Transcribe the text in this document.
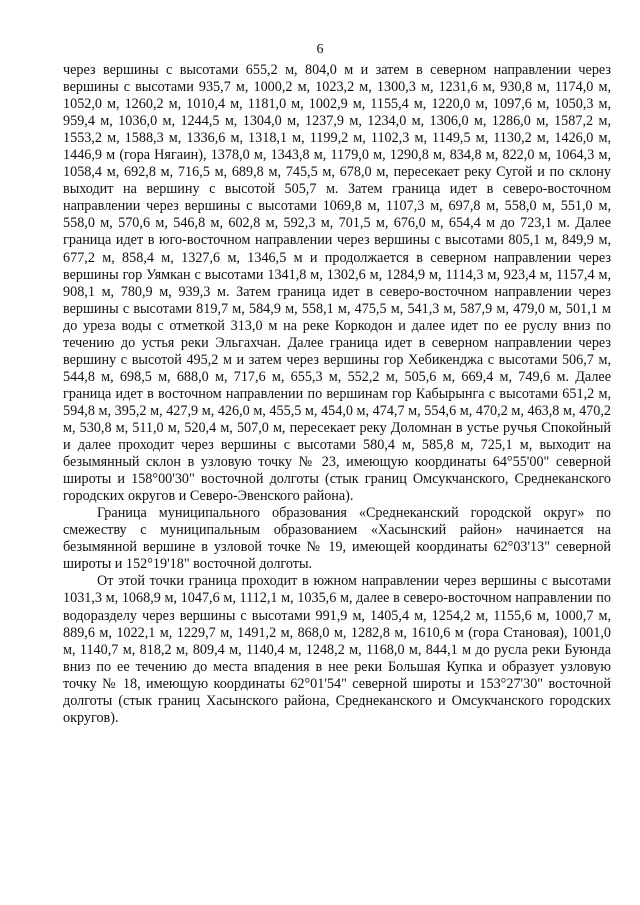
6

через вершины с высотами 655,2 м, 804,0 м и затем в северном направлении через вершины с высотами 935,7 м, 1000,2 м, 1023,2 м, 1300,3 м, 1231,6 м, 930,8 м, 1174,0 м, 1052,0 м, 1260,2 м, 1010,4 м, 1181,0 м, 1002,9 м, 1155,4 м, 1220,0 м, 1097,6 м, 1050,3 м, 959,4 м, 1036,0 м, 1244,5 м, 1304,0 м, 1237,9 м, 1234,0 м, 1306,0 м, 1286,0 м, 1587,2 м, 1553,2 м, 1588,3 м, 1336,6 м, 1318,1 м, 1199,2 м, 1102,3 м, 1149,5 м, 1130,2 м, 1426,0 м, 1446,9 м (гора Нягаин), 1378,0 м, 1343,8 м, 1179,0 м, 1290,8 м, 834,8 м, 822,0 м, 1064,3 м, 1058,4 м, 692,8 м, 716,5 м, 689,8 м, 745,5 м, 678,0 м, пересекает реку Сугой и по склону выходит на вершину с высотой 505,7 м. Затем граница идет в северо-восточном направлении через вершины с высотами 1069,8 м, 1107,3 м, 697,8 м, 558,0 м, 551,0 м, 558,0 м, 570,6 м, 546,8 м, 602,8 м, 592,3 м, 701,5 м, 676,0 м, 654,4 м до 723,1 м. Далее граница идет в юго-восточном направлении через вершины с высотами 805,1 м, 849,9 м, 677,2 м, 858,4 м, 1327,6 м, 1346,5 м и продолжается в северном направлении через вершины гор Уямкан с высотами 1341,8 м, 1302,6 м, 1284,9 м, 1114,3 м, 923,4 м, 1157,4 м, 908,1 м, 780,9 м, 939,3 м. Затем граница идет в северо-восточном направлении через вершины с высотами 819,7 м, 584,9 м, 558,1 м, 475,5 м, 541,3 м, 587,9 м, 479,0 м, 501,1 м до уреза воды с отметкой 313,0 м на реке Коркодон и далее идет по ее руслу вниз по течению до устья реки Эльгахчан. Далее граница идет в северном направлении через вершину с высотой 495,2 м и затем через вершины гор Хебикенджа с высотами 506,7 м, 544,8 м, 698,5 м, 688,0 м, 717,6 м, 655,3 м, 552,2 м, 505,6 м, 669,4 м, 749,6 м. Далее граница идет в восточном направлении по вершинам гор Кабырынга с высотами 651,2 м, 594,8 м, 395,2 м, 427,9 м, 426,0 м, 455,5 м, 454,0 м, 474,7 м, 554,6 м, 470,2 м, 463,8 м, 470,2 м, 530,8 м, 511,0 м, 520,4 м, 507,0 м, пересекает реку Доломнан в устье ручья Спокойный и далее проходит через вершины с высотами 580,4 м, 585,8 м, 725,1 м, выходит на безымянный склон в узловую точку № 23, имеющую координаты 64°55'00" северной широты и 158°00'30" восточной долготы (стык границ Омсукчанского, Среднеканского городских округов и Северо-Эвенского района).

Граница муниципального образования «Среднеканский городской округ» по смежеству с муниципальным образованием «Хасынский район» начинается на безымянной вершине в узловой точке № 19, имеющей координаты 62°03'13" северной широты и 152°19'18" восточной долготы.

От этой точки граница проходит в южном направлении через вершины с высотами 1031,3 м, 1068,9 м, 1047,6 м, 1112,1 м, 1035,6 м, далее в северо-восточном направлении по водоразделу через вершины с высотами 991,9 м, 1405,4 м, 1254,2 м, 1155,6 м, 1000,7 м, 889,6 м, 1022,1 м, 1229,7 м, 1491,2 м, 868,0 м, 1282,8 м, 1610,6 м (гора Становая), 1001,0 м, 1140,7 м, 818,2 м, 809,4 м, 1140,4 м, 1248,2 м, 1168,0 м, 844,1 м до русла реки Буюнда вниз по ее течению до места впадения в нее реки Большая Купка и образует узловую точку № 18, имеющую координаты 62°01'54" северной широты и 153°27'30" восточной долготы (стык границ Хасынского района, Среднеканского и Омсукчанского городских округов).
